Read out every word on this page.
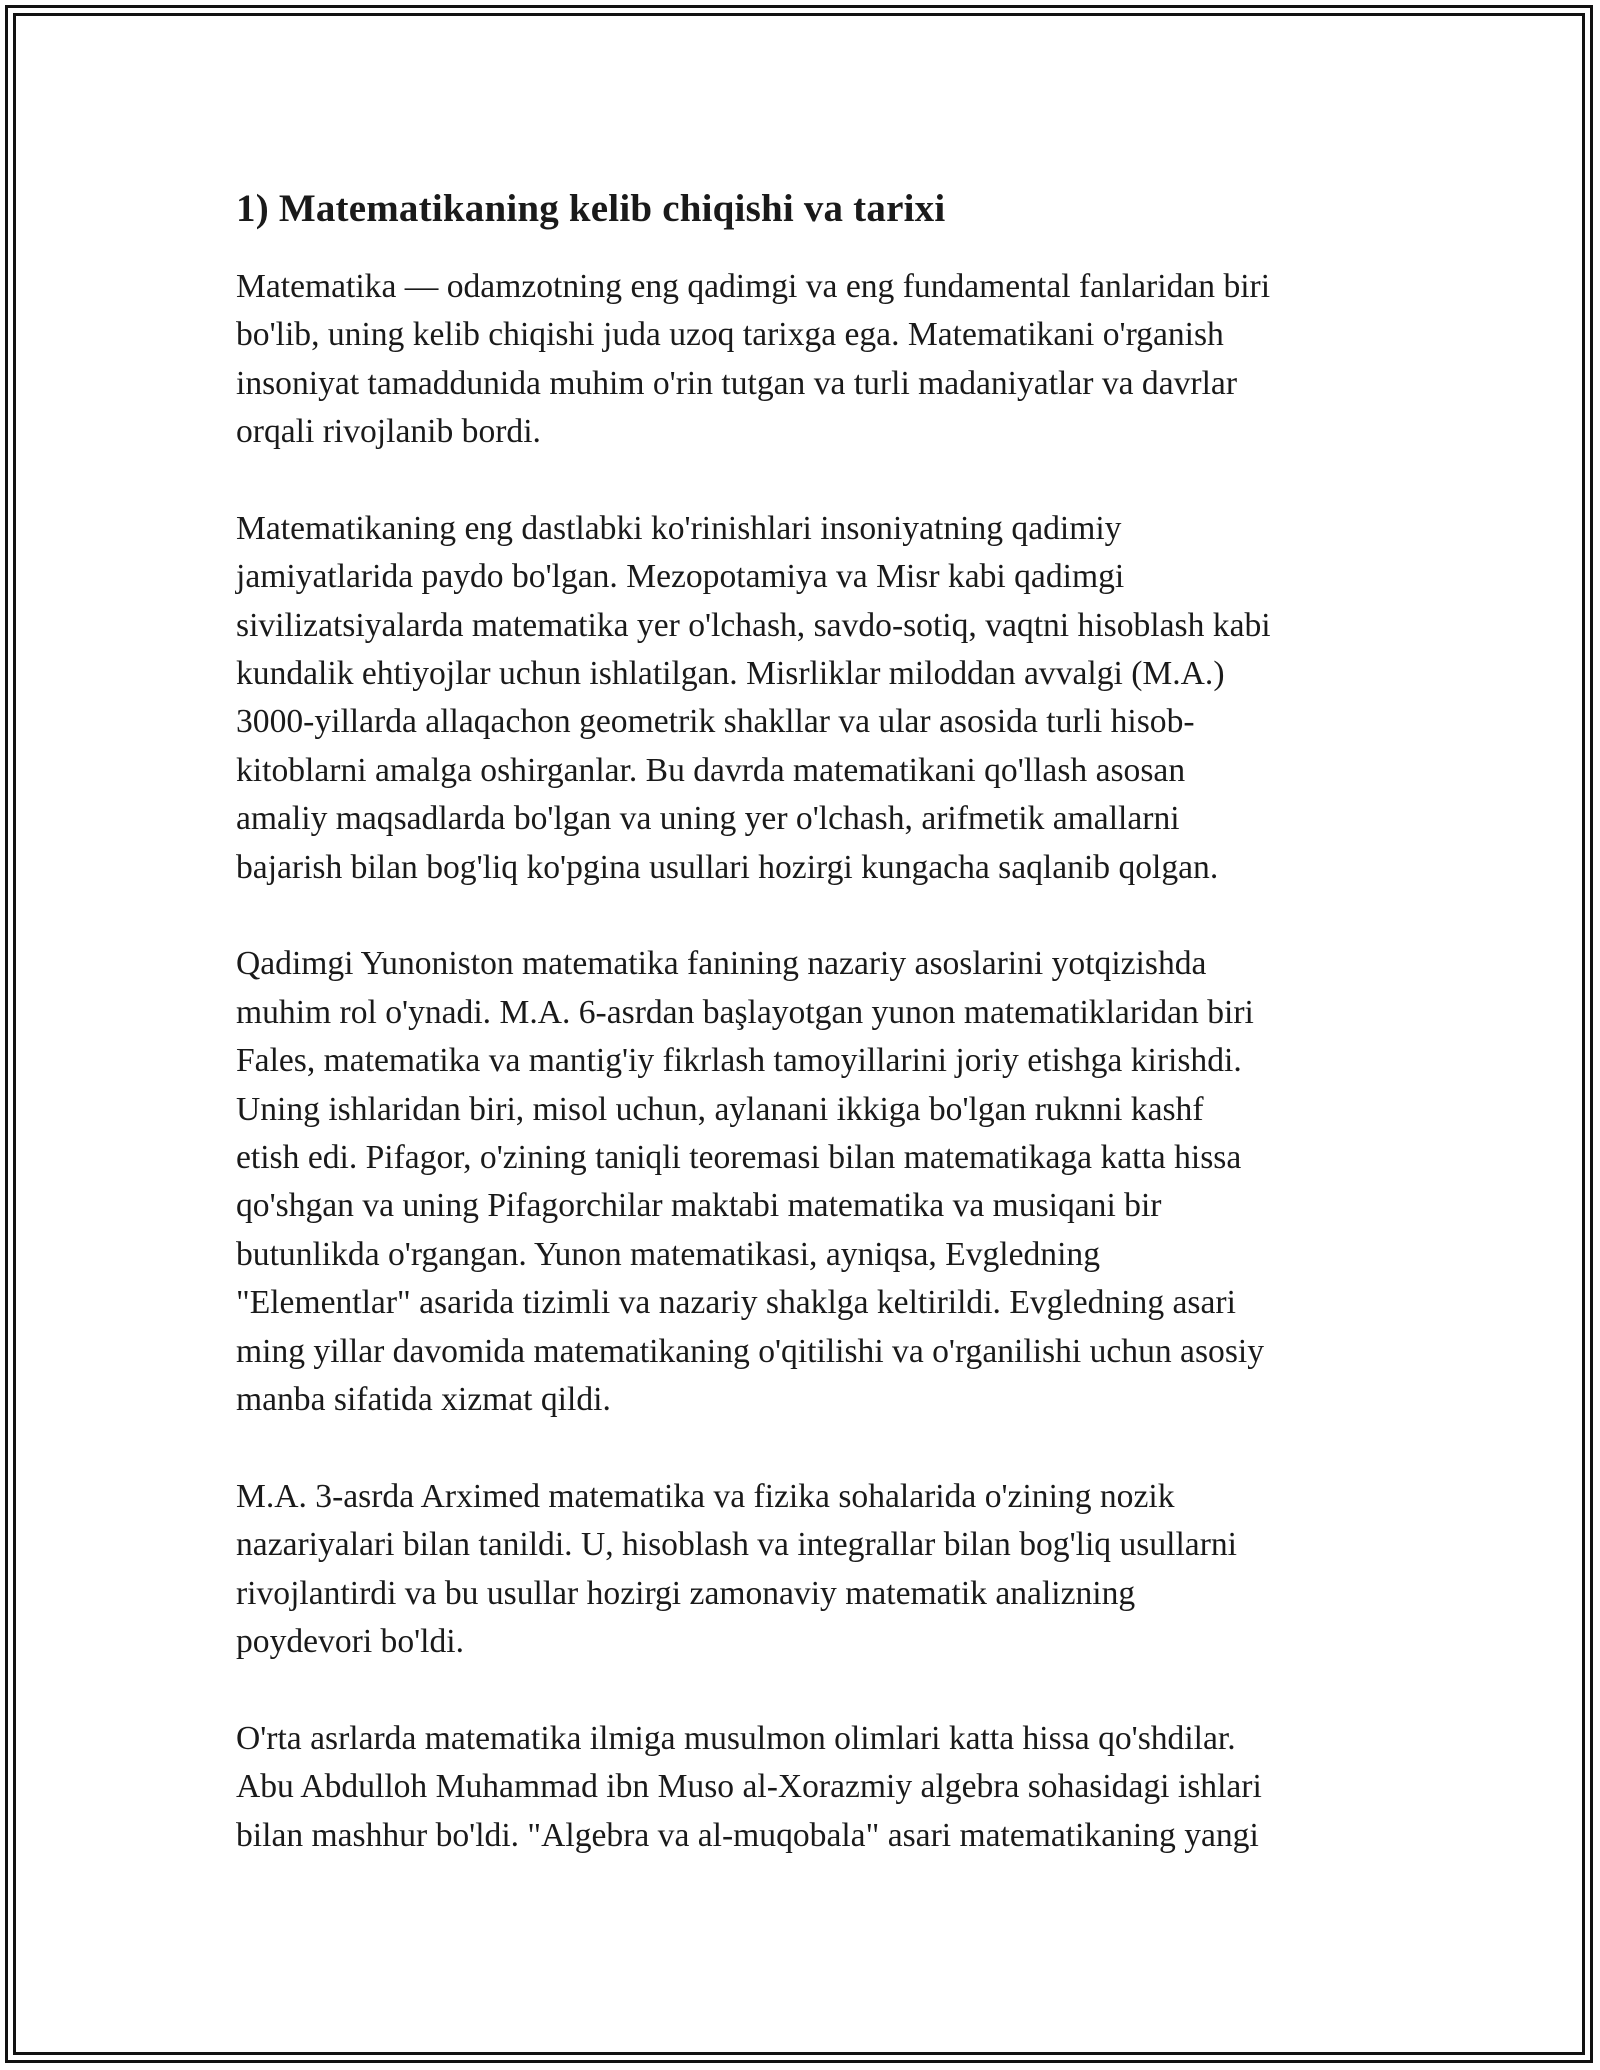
1) Matematikaning kelib chiqishi va tarixi

Matematika — odamzotning eng qadimgi va eng fundamental fanlaridan biri
bo'lib, uning kelib chiqishi juda uzoq tarixga ega. Matematikani o'rganish
insoniyat tamaddunida muhim o'rin tutgan va turli madaniyatlar va davrlar
orqali rivojlanib bordi.

Matematikaning eng dastlabki ko'rinishlari insoniyatning qadimiy
jamiyatlarida paydo bo'lgan. Mezopotamiya va Misr kabi qadimgi
sivilizatsiyalarda matematika yer o'lchash, savdo-sotiq, vaqtni hisoblash kabi
kundalik ehtiyojlar uchun ishlatilgan. Misrliklar miloddan avvalgi (M.A.)
3000-yillarda allaqachon geometrik shakllar va ular asosida turli hisob-
kitoblarni amalga oshirganlar. Bu davrda matematikani qo'llash asosan
amaliy maqsadlarda bo'lgan va uning yer o'lchash, arifmetik amallarni
bajarish bilan bog'liq ko'pgina usullari hozirgi kungacha saqlanib qolgan.

Qadimgi Yunoniston matematika fanining nazariy asoslarini yotqizishda
muhim rol o'ynadi. M.A. 6-asrdan başlayotgan yunon matematiklaridan biri
Fales, matematika va mantig'iy fikrlash tamoyillarini joriy etishga kirishdi.
Uning ishlaridan biri, misol uchun, aylanani ikkiga bo'lgan ruknni kashf
etish edi. Pifagor, o'zining taniqli teoremasi bilan matematikaga katta hissa
qo'shgan va uning Pifagorchilar maktabi matematika va musiqani bir
butunlikda o'rgangan. Yunon matematikasi, ayniqsa, Evgledning
"Elementlar" asarida tizimli va nazariy shaklga keltirildi. Evgledning asari
ming yillar davomida matematikaning o'qitilishi va o'rganilishi uchun asosiy
manba sifatida xizmat qildi.

M.A. 3-asrda Arximed matematika va fizika sohalarida o'zining nozik
nazariyalari bilan tanildi. U, hisoblash va integrallar bilan bog'liq usullarni
rivojlantirdi va bu usullar hozirgi zamonaviy matematik analizning
poydevori bo'ldi.

O'rta asrlarda matematika ilmiga musulmon olimlari katta hissa qo'shdilar.
Abu Abdulloh Muhammad ibn Muso al-Xorazmiy algebra sohasidagi ishlari
bilan mashhur bo'ldi. "Algebra va al-muqobala" asari matematikaning yangi
